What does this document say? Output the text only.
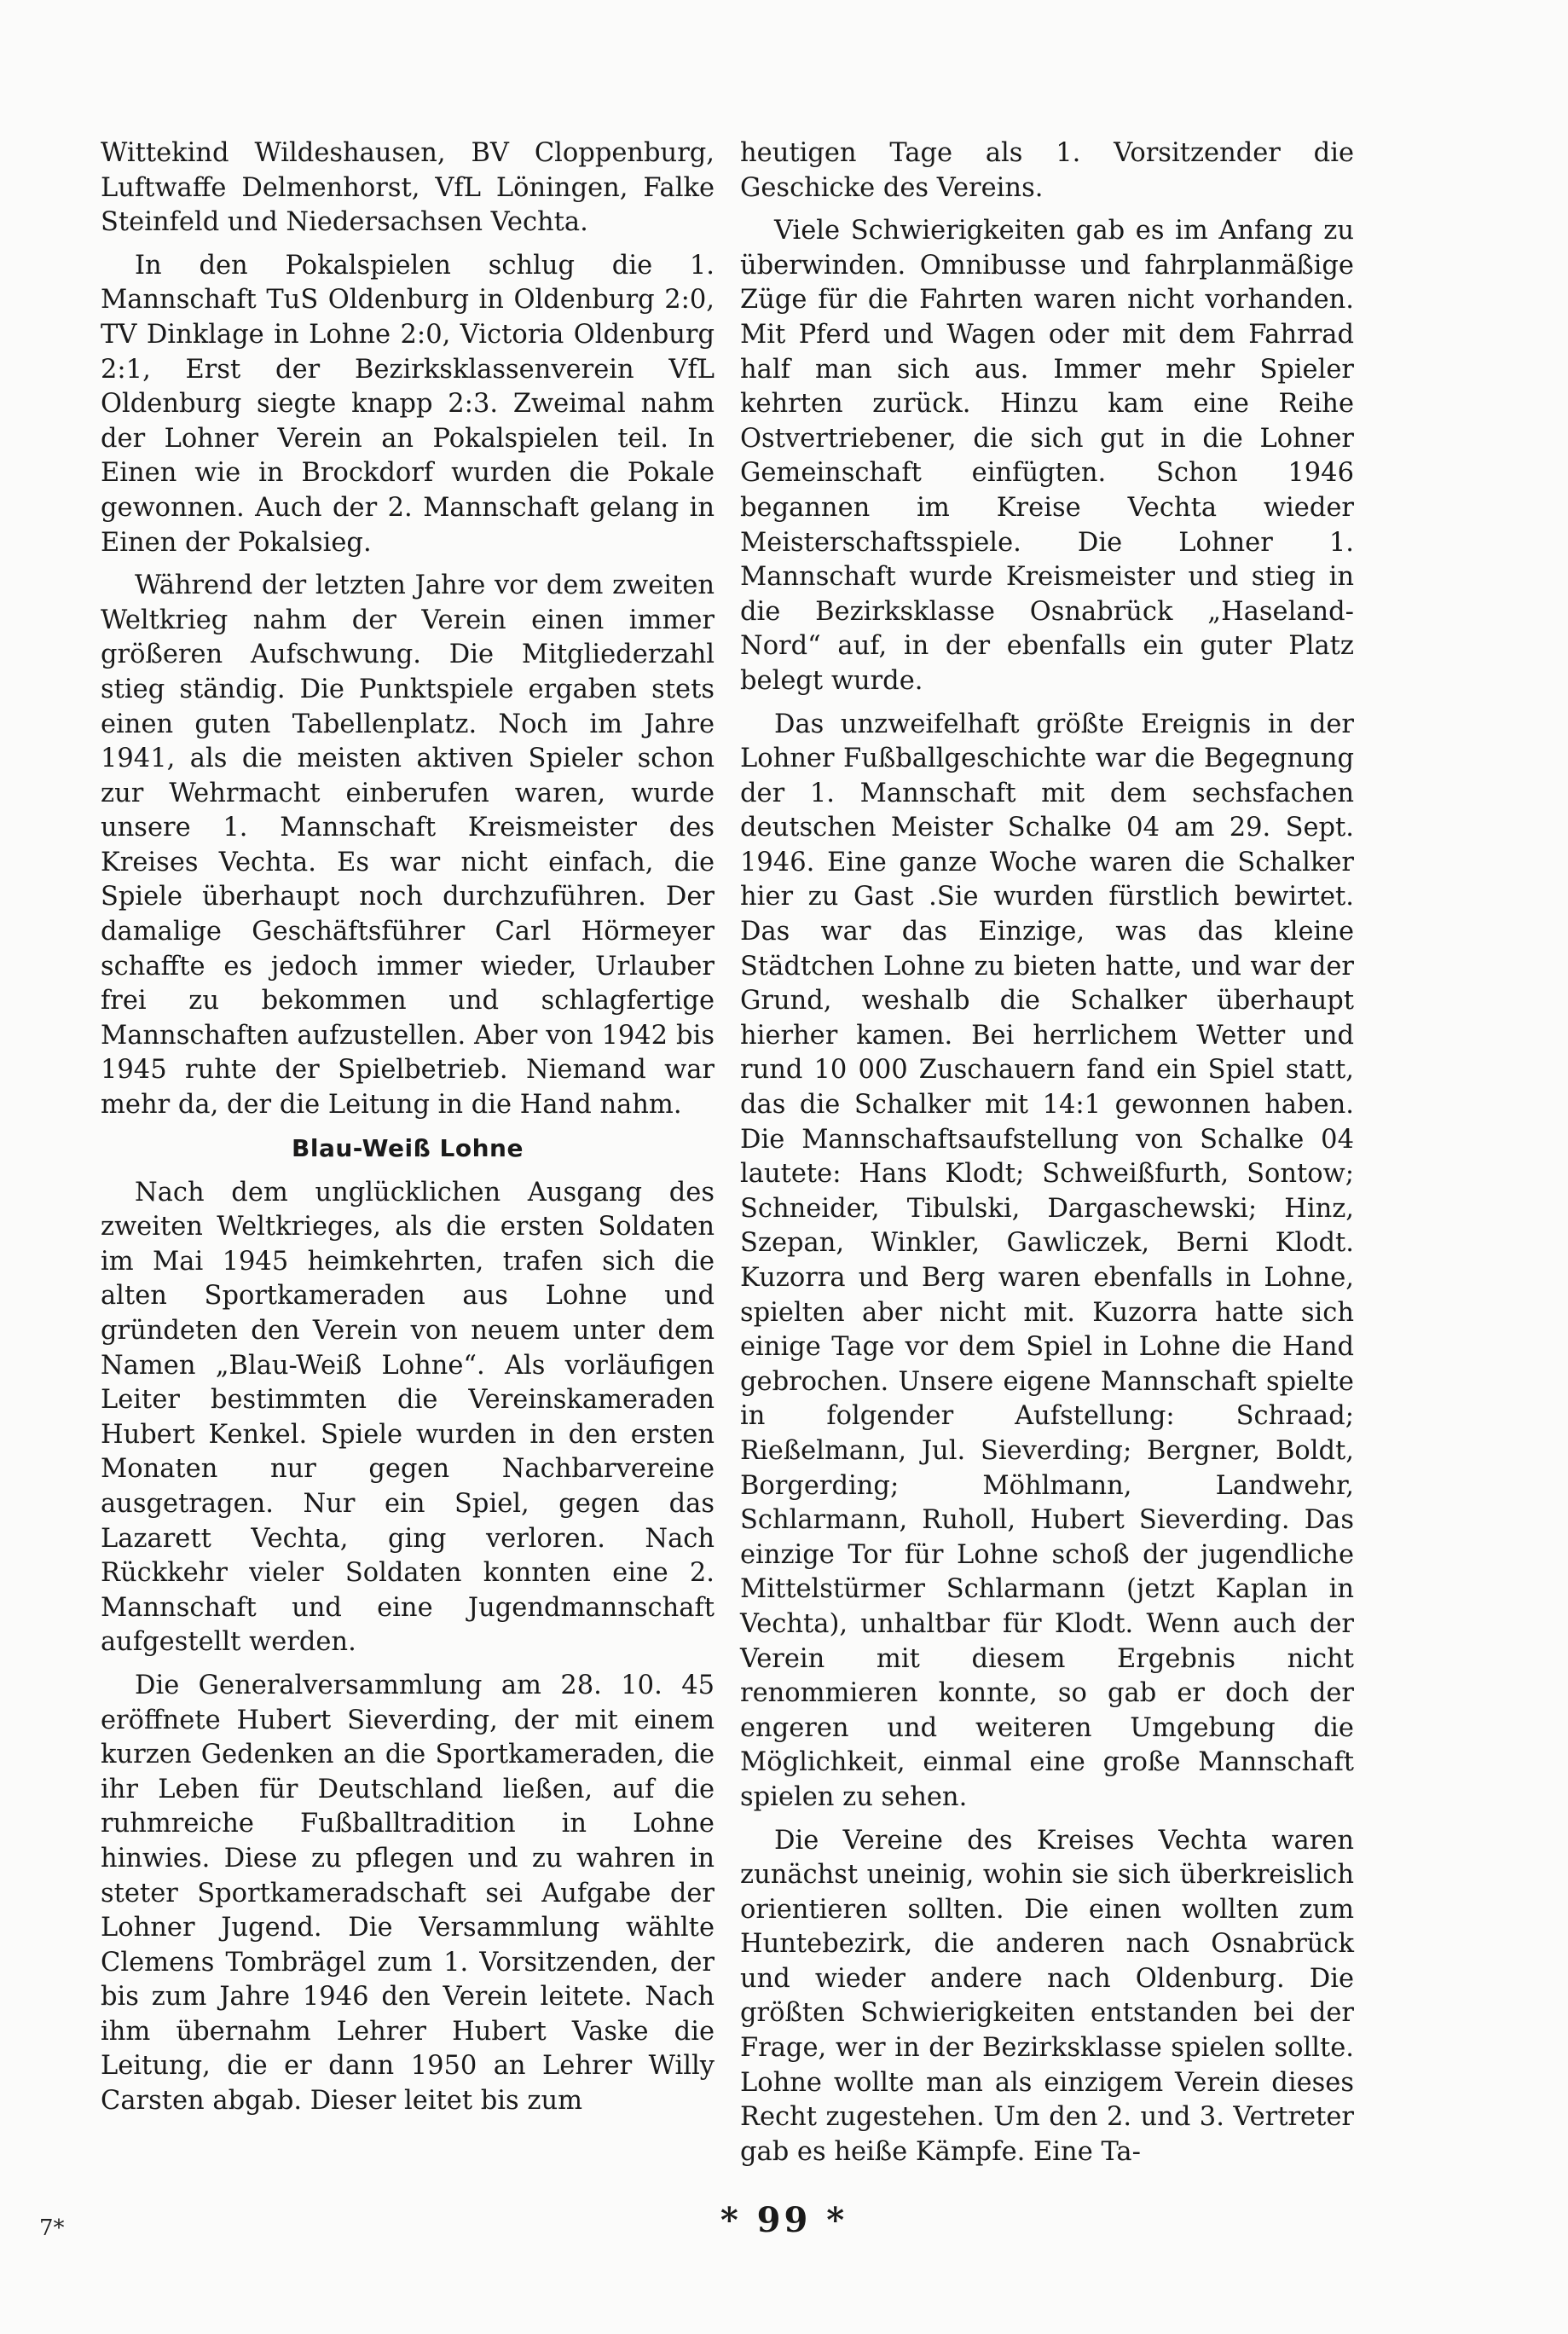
Wittekind Wildeshausen, BV Cloppenburg, Luftwaffe Delmenhorst, VfL Löningen, Falke Steinfeld und Niedersachsen Vechta.

In den Pokalspielen schlug die 1. Mannschaft TuS Oldenburg in Oldenburg 2:0, TV Dinklage in Lohne 2:0, Victoria Oldenburg 2:1, Erst der Bezirksklassenverein VfL Oldenburg siegte knapp 2:3. Zweimal nahm der Lohner Verein an Pokalspielen teil. In Einen wie in Brockdorf wurden die Pokale gewonnen. Auch der 2. Mannschaft gelang in Einen der Pokalsieg.

Während der letzten Jahre vor dem zweiten Weltkrieg nahm der Verein einen immer größeren Aufschwung. Die Mitgliederzahl stieg ständig. Die Punktspiele ergaben stets einen guten Tabellenplatz. Noch im Jahre 1941, als die meisten aktiven Spieler schon zur Wehrmacht einberufen waren, wurde unsere 1. Mannschaft Kreismeister des Kreises Vechta. Es war nicht einfach, die Spiele überhaupt noch durchzuführen. Der damalige Geschäftsführer Carl Hörmeyer schaffte es jedoch immer wieder, Urlauber frei zu bekommen und schlagfertige Mannschaften aufzustellen. Aber von 1942 bis 1945 ruhte der Spielbetrieb. Niemand war mehr da, der die Leitung in die Hand nahm.

Blau-Weiß Lohne

Nach dem unglücklichen Ausgang des zweiten Weltkrieges, als die ersten Soldaten im Mai 1945 heimkehrten, trafen sich die alten Sportkameraden aus Lohne und gründeten den Verein von neuem unter dem Namen „Blau-Weiß Lohne“. Als vorläufigen Leiter bestimmten die Vereinskameraden Hubert Kenkel. Spiele wurden in den ersten Monaten nur gegen Nachbarvereine ausgetragen. Nur ein Spiel, gegen das Lazarett Vechta, ging verloren. Nach Rückkehr vieler Soldaten konnten eine 2. Mannschaft und eine Jugendmannschaft aufgestellt werden.

Die Generalversammlung am 28. 10. 45 eröffnete Hubert Sieverding, der mit einem kurzen Gedenken an die Sportkameraden, die ihr Leben für Deutschland ließen, auf die ruhmreiche Fußballtradition in Lohne hinwies. Diese zu pflegen und zu wahren in steter Sportkameradschaft sei Aufgabe der Lohner Jugend. Die Versammlung wählte Clemens Tombrägel zum 1. Vorsitzenden, der bis zum Jahre 1946 den Verein leitete. Nach ihm übernahm Lehrer Hubert Vaske die Leitung, die er dann 1950 an Lehrer Willy Carsten abgab. Dieser leitet bis zum

heutigen Tage als 1. Vorsitzender die Geschicke des Vereins.

Viele Schwierigkeiten gab es im Anfang zu überwinden. Omnibusse und fahrplanmäßige Züge für die Fahrten waren nicht vorhanden. Mit Pferd und Wagen oder mit dem Fahrrad half man sich aus. Immer mehr Spieler kehrten zurück. Hinzu kam eine Reihe Ostvertriebener, die sich gut in die Lohner Gemeinschaft einfügten. Schon 1946 begannen im Kreise Vechta wieder Meisterschaftsspiele. Die Lohner 1. Mannschaft wurde Kreismeister und stieg in die Bezirksklasse Osnabrück „Haseland-Nord“ auf, in der ebenfalls ein guter Platz belegt wurde.

Das unzweifelhaft größte Ereignis in der Lohner Fußballgeschichte war die Begegnung der 1. Mannschaft mit dem sechsfachen deutschen Meister Schalke 04 am 29. Sept. 1946. Eine ganze Woche waren die Schalker hier zu Gast .Sie wurden fürstlich bewirtet. Das war das Einzige, was das kleine Städtchen Lohne zu bieten hatte, und war der Grund, weshalb die Schalker überhaupt hierher kamen. Bei herrlichem Wetter und rund 10 000 Zuschauern fand ein Spiel statt, das die Schalker mit 14:1 gewonnen haben. Die Mannschaftsaufstellung von Schalke 04 lautete: Hans Klodt; Schweißfurth, Sontow; Schneider, Tibulski, Dargaschewski; Hinz, Szepan, Winkler, Gawliczek, Berni Klodt. Kuzorra und Berg waren ebenfalls in Lohne, spielten aber nicht mit. Kuzorra hatte sich einige Tage vor dem Spiel in Lohne die Hand gebrochen. Unsere eigene Mannschaft spielte in folgender Aufstellung: Schraad; Rießelmann, Jul. Sieverding; Bergner, Boldt, Borgerding; Möhlmann, Landwehr, Schlarmann, Ruholl, Hubert Sieverding. Das einzige Tor für Lohne schoß der jugendliche Mittelstürmer Schlarmann (jetzt Kaplan in Vechta), unhaltbar für Klodt. Wenn auch der Verein mit diesem Ergebnis nicht renommieren konnte, so gab er doch der engeren und weiteren Umgebung die Möglichkeit, einmal eine große Mannschaft spielen zu sehen.

Die Vereine des Kreises Vechta waren zunächst uneinig, wohin sie sich überkreislich orientieren sollten. Die einen wollten zum Huntebezirk, die anderen nach Osnabrück und wieder andere nach Oldenburg. Die größten Schwierigkeiten entstanden bei der Frage, wer in der Bezirksklasse spielen sollte. Lohne wollte man als einzigem Verein dieses Recht zugestehen. Um den 2. und 3. Vertreter gab es heiße Kämpfe. Eine Ta-

7*	* 99 *
